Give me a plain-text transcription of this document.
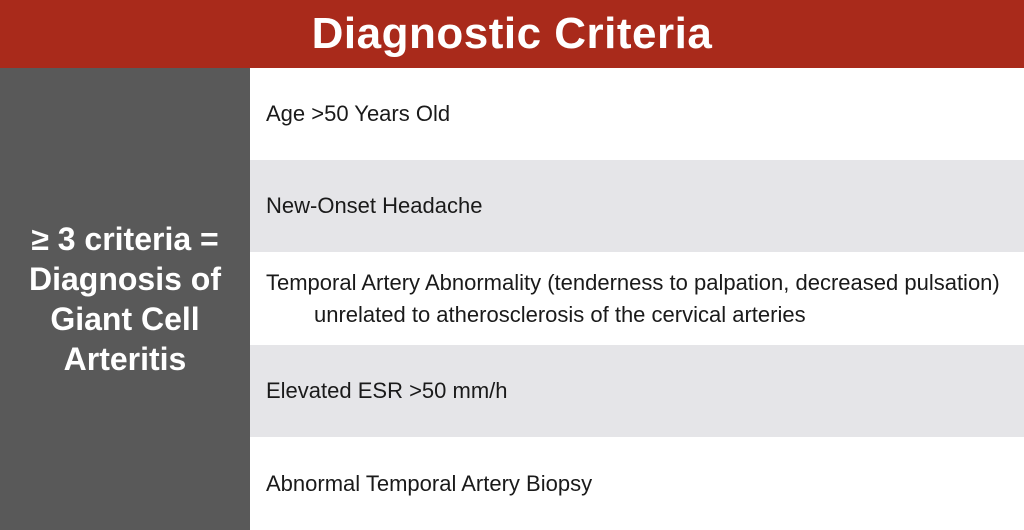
Diagnostic Criteria
≥ 3 criteria =
Diagnosis of
Giant Cell
Arteritis
Age >50 Years Old
New-Onset Headache
Temporal Artery Abnormality (tenderness to palpation, decreased pulsation)
unrelated to atherosclerosis of the cervical arteries
Elevated ESR >50 mm/h
Abnormal Temporal Artery Biopsy
